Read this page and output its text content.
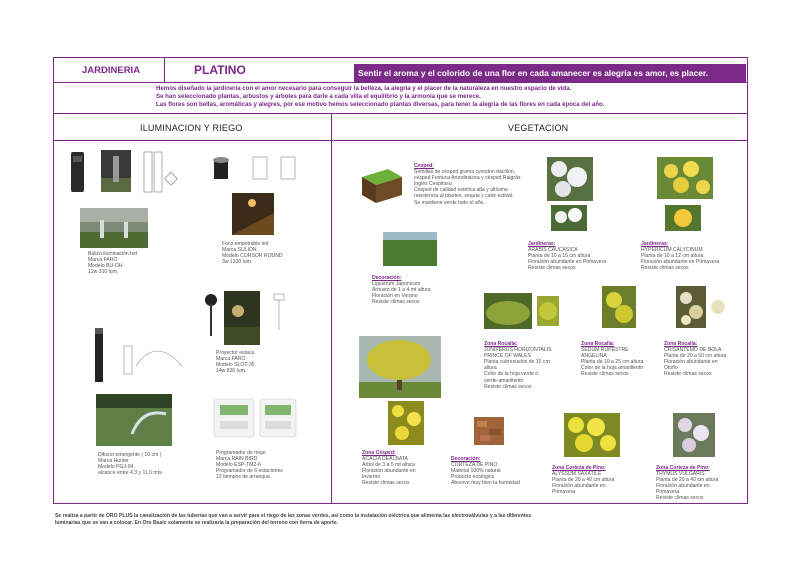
JARDINERIA	PLATINO	Sentir el aroma y el colorido de una flor en cada amanecer es alegría es amor, es placer.
Hemos diseñado la jardinería con el amor necesario para conseguir la belleza, la alegría y el placer de la naturaleza en nuestro espacio de vida.
Se han seleccionado plantas, arbustos y árboles para darle a cada villa el equilibrio y la armonía que se merece.
Las flores son bellas, aromáticas y alegres, por ese motivo hemos seleccionado plantas diversas, para tener la alegría de las flores en cada época del año.
ILUMINACION Y RIEGO	VEGETACION
Baliza iluminación led
Marca FARO
Modelo BU-OH
12w 310 lum.
Foco empotrable led
Marca SULION
Modelo CORSOR ROUND
3w 1320 lum.
Proyector estaca
Marca FARO
Modelo SLOT-35
14w 830 lum.
Difusor emergente ( 10 cm )
Marca Hunter
Modelo PGJ-04
alcance entre 4,3 y 11,6 mts.
Programador de riego
Marca RAIN BIRD
Modelo ESP-TM2-6
Programador de 6 estaciones
12 tiempos de arranque.
Cesped:
Semillas de césped grama cynodon dactilon,
césped Festuca Arundinácea y césped Raigrás
Inglés Cespitoso.
Césped de calidad estética alta y altísima
resistencia al pisoteo, sequía y calor estival.
Se mantiene verde todo el año.
Jardineras:
ARABIS CAUCASICA
Planta de 10 a 15 cm altura
Floración abundante en Primavera
Resiste climas secos
Jardineras:
HYPERICUM CALYCINUM
Planta de 10 a 12 cm altura
Floración abundante en Primavera
Resiste climas secos
Decoración:
Ligustrum Japonicum
Arbusto de 1 a 4 mt altura
Floración en Verano
Resiste climas secos
Zona Rocalla:
JUNIPERUS HORIZONTALIS
PRINCE OF WALES
Planta cubresuelos de 10 cm
altura
Color de la hoja verde o
verde-amarillento
Resiste climas secos
Zona Rocalla:
SEDUM RUPESTRE
ANGELINA
Planta de 10 a 25 cm altura
Color de la hoja amarillento
Resiste climas secos
Zona Rocalla:
CRISANTEMO DE BOLA
Planta de 20 a 50 cm altura
Floración abundante en
Otoño
Resiste climas secos
Zona Césped:
ACACIA DEALBATA
Árbol de 3 a 5 mt altura
Floración abundante en
Invierno
Resiste climas secos
Decoración:
CORTEZA DE PINO
Material 100% natural
Producto ecológico
Absorve muy bien la humedad
Zona Corteza de Pino:
ALYSSUM SAXATILE
Planta de 20 a 40 cm altura
Floración abundante en
Primavera
Zona Corteza de Pino:
THYMUS VULGARIS
Planta de 20 a 40 cm altura
Floración abundante en
Primavera
Resiste climas secos
Se realiza a partir de ORO PLUS la canalización de las tuberías que van a servir para el riego de las zonas verdes, así como la instalación eléctrica que alimenta las electroválvulas y a las diferentes
luminarias que se van a colocar. En Oro Basic solamente se realizaría la preparación del terreno con tierra de aporte.
